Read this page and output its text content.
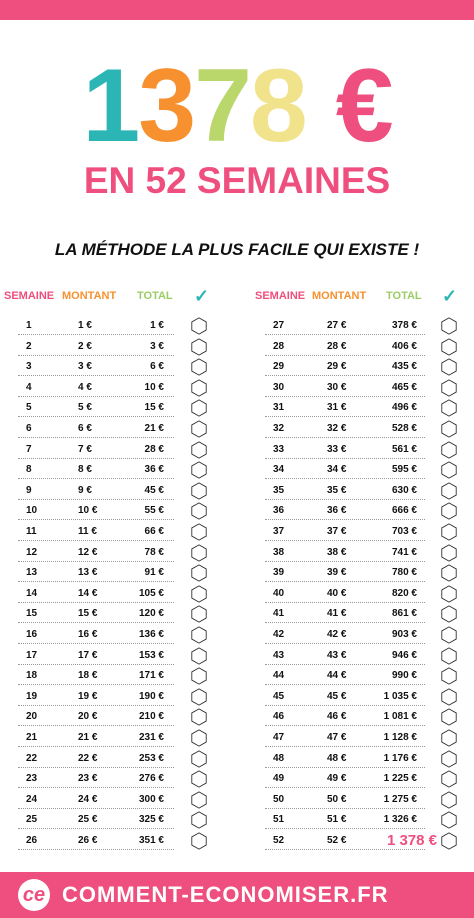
1378 €
EN 52 SEMAINES
LA MÉTHODE LA PLUS FACILE QUI EXISTE !
SEMAINE MONTANT TOTAL ✓
1	1 €	1 €
2	2 €	3 €
3	3 €	6 €
4	4 €	10 €
5	5 €	15 €
6	6 €	21 €
7	7 €	28 €
8	8 €	36 €
9	9 €	45 €
10	10 €	55 €
11	11 €	66 €
12	12 €	78 €
13	13 €	91 €
14	14 €	105 €
15	15 €	120 €
16	16 €	136 €
17	17 €	153 €
18	18 €	171 €
19	19 €	190 €
20	20 €	210 €
21	21 €	231 €
22	22 €	253 €
23	23 €	276 €
24	24 €	300 €
25	25 €	325 €
26	26 €	351 €
SEMAINE MONTANT TOTAL ✓
27	27 €	378 €
28	28 €	406 €
29	29 €	435 €
30	30 €	465 €
31	31 €	496 €
32	32 €	528 €
33	33 €	561 €
34	34 €	595 €
35	35 €	630 €
36	36 €	666 €
37	37 €	703 €
38	38 €	741 €
39	39 €	780 €
40	40 €	820 €
41	41 €	861 €
42	42 €	903 €
43	43 €	946 €
44	44 €	990 €
45	45 €	1 035 €
46	46 €	1 081 €
47	47 €	1 128 €
48	48 €	1 176 €
49	49 €	1 225 €
50	50 €	1 275 €
51	51 €	1 326 €
52	52 €	1 378 €
ce COMMENT-ECONOMISER.FR
